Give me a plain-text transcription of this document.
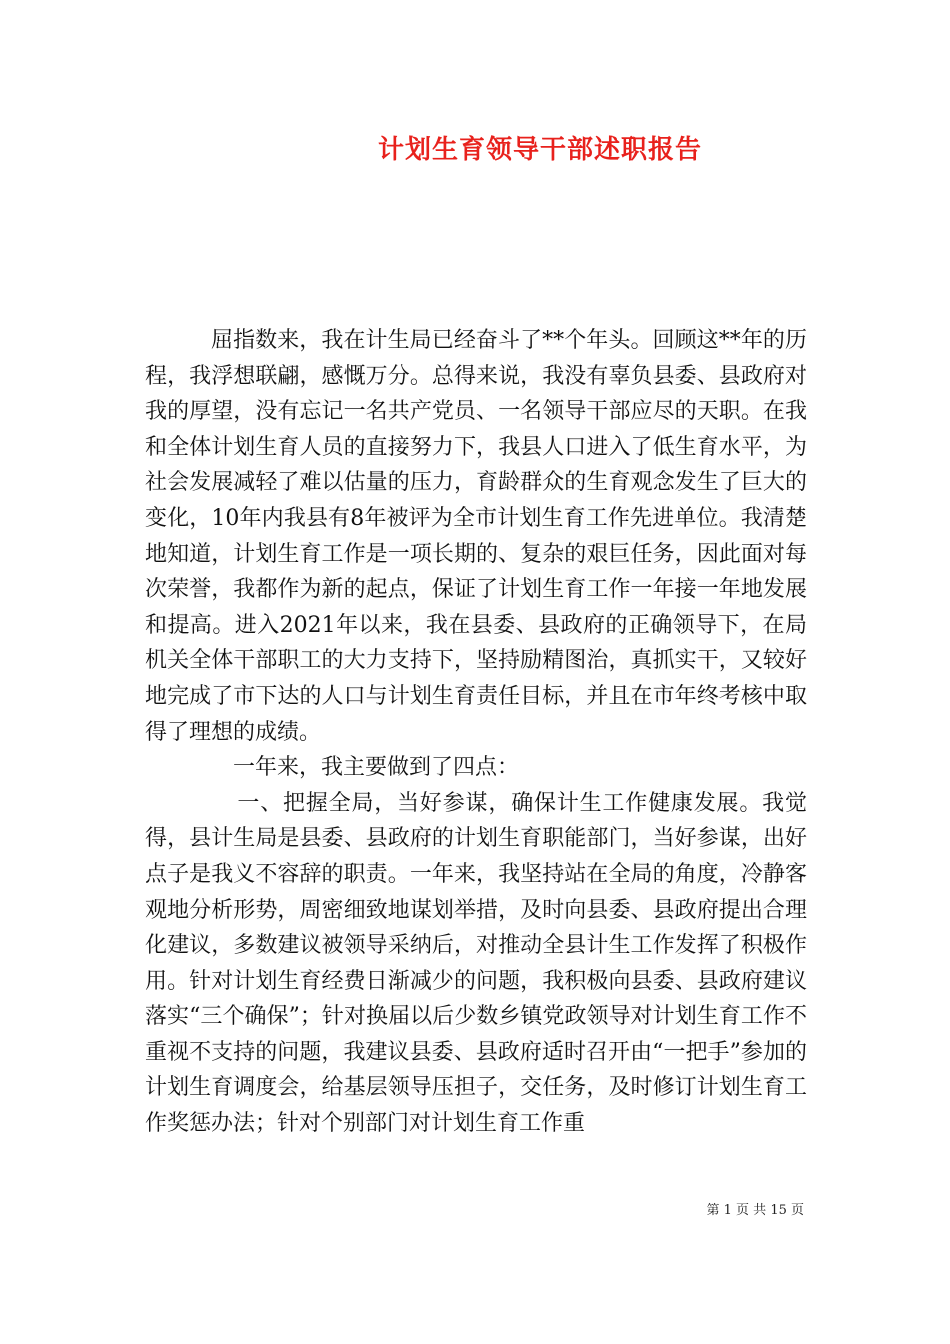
计划生育领导干部述职报告

屈指数来，我在计生局已经奋斗了**个年头。回顾这**年的历程，我浮想联翩，感慨万分。总得来说，我没有辜负县委、县政府对我的厚望，没有忘记一名共产党员、一名领导干部应尽的天职。在我和全体计划生育人员的直接努力下，我县人口进入了低生育水平，为社会发展减轻了难以估量的压力，育龄群众的生育观念发生了巨大的变化，10年内我县有8年被评为全市计划生育工作先进单位。我清楚地知道，计划生育工作是一项长期的、复杂的艰巨任务，因此面对每次荣誉，我都作为新的起点，保证了计划生育工作一年接一年地发展和提高。进入2021年以来，我在县委、县政府的正确领导下，在局机关全体干部职工的大力支持下，坚持励精图治，真抓实干，又较好地完成了市下达的人口与计划生育责任目标，并且在市年终考核中取得了理想的成绩。

一年来，我主要做到了四点：

一、把握全局，当好参谋，确保计生工作健康发展。我觉得，县计生局是县委、县政府的计划生育职能部门，当好参谋，出好点子是我义不容辞的职责。一年来，我坚持站在全局的角度，冷静客观地分析形势，周密细致地谋划举措，及时向县委、县政府提出合理化建议，多数建议被领导采纳后，对推动全县计生工作发挥了积极作用。针对计划生育经费日渐减少的问题，我积极向县委、县政府建议落实“三个确保”；针对换届以后少数乡镇党政领导对计划生育工作不重视不支持的问题，我建议县委、县政府适时召开由“一把手”参加的计划生育调度会，给基层领导压担子，交任务，及时修订计划生育工作奖惩办法；针对个别部门对计划生育工作重

第 1 页 共 15 页
